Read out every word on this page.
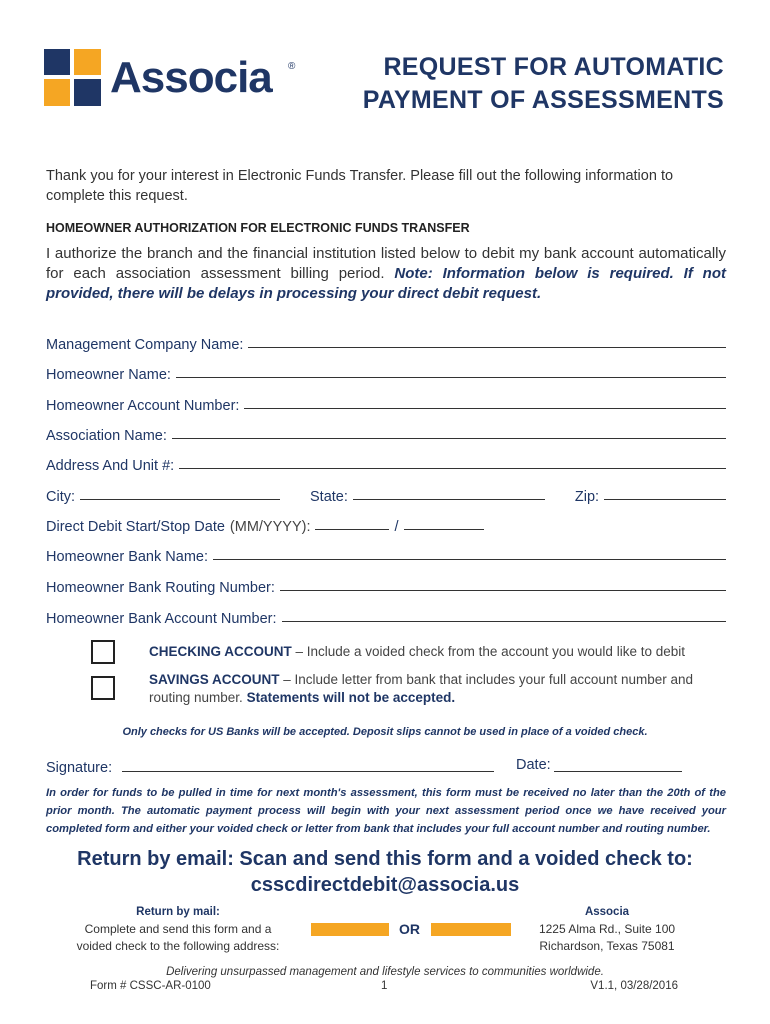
Associa ®	REQUEST FOR AUTOMATIC
PAYMENT OF ASSESSMENTS
Thank you for your interest in Electronic Funds Transfer. Please fill out the following information to complete this request.
HOMEOWNER AUTHORIZATION FOR ELECTRONIC FUNDS TRANSFER
I authorize the branch and the financial institution listed below to debit my bank account automatically for each association assessment billing period. Note: Information below is required. If not provided, there will be delays in processing your direct debit request.
Management Company Name:
Homeowner Name:
Homeowner Account Number:
Association Name:
Address And Unit #:
City:	State:	Zip:
Direct Debit Start/Stop Date (MM/YYYY):	/
Homeowner Bank Name:
Homeowner Bank Routing Number:
Homeowner Bank Account Number:
CHECKING ACCOUNT – Include a voided check from the account you would like to debit
SAVINGS ACCOUNT – Include letter from bank that includes your full account number and routing number. Statements will not be accepted.
Only checks for US Banks will be accepted. Deposit slips cannot be used in place of a voided check.
Signature:	Date:
In order for funds to be pulled in time for next month's assessment, this form must be received no later than the 20th of the prior month. The automatic payment process will begin with your next assessment period once we have received your completed form and either your voided check or letter from bank that includes your full account number and routing number.
Return by email: Scan and send this form and a voided check to:
csscdirectdebit@associa.us
Return by mail:
Complete and send this form and a
voided check to the following address:
OR
Associa
1225 Alma Rd., Suite 100
Richardson, Texas 75081
Delivering unsurpassed management and lifestyle services to communities worldwide.
Form # CSSC-AR-0100	1	V1.1, 03/28/2016
